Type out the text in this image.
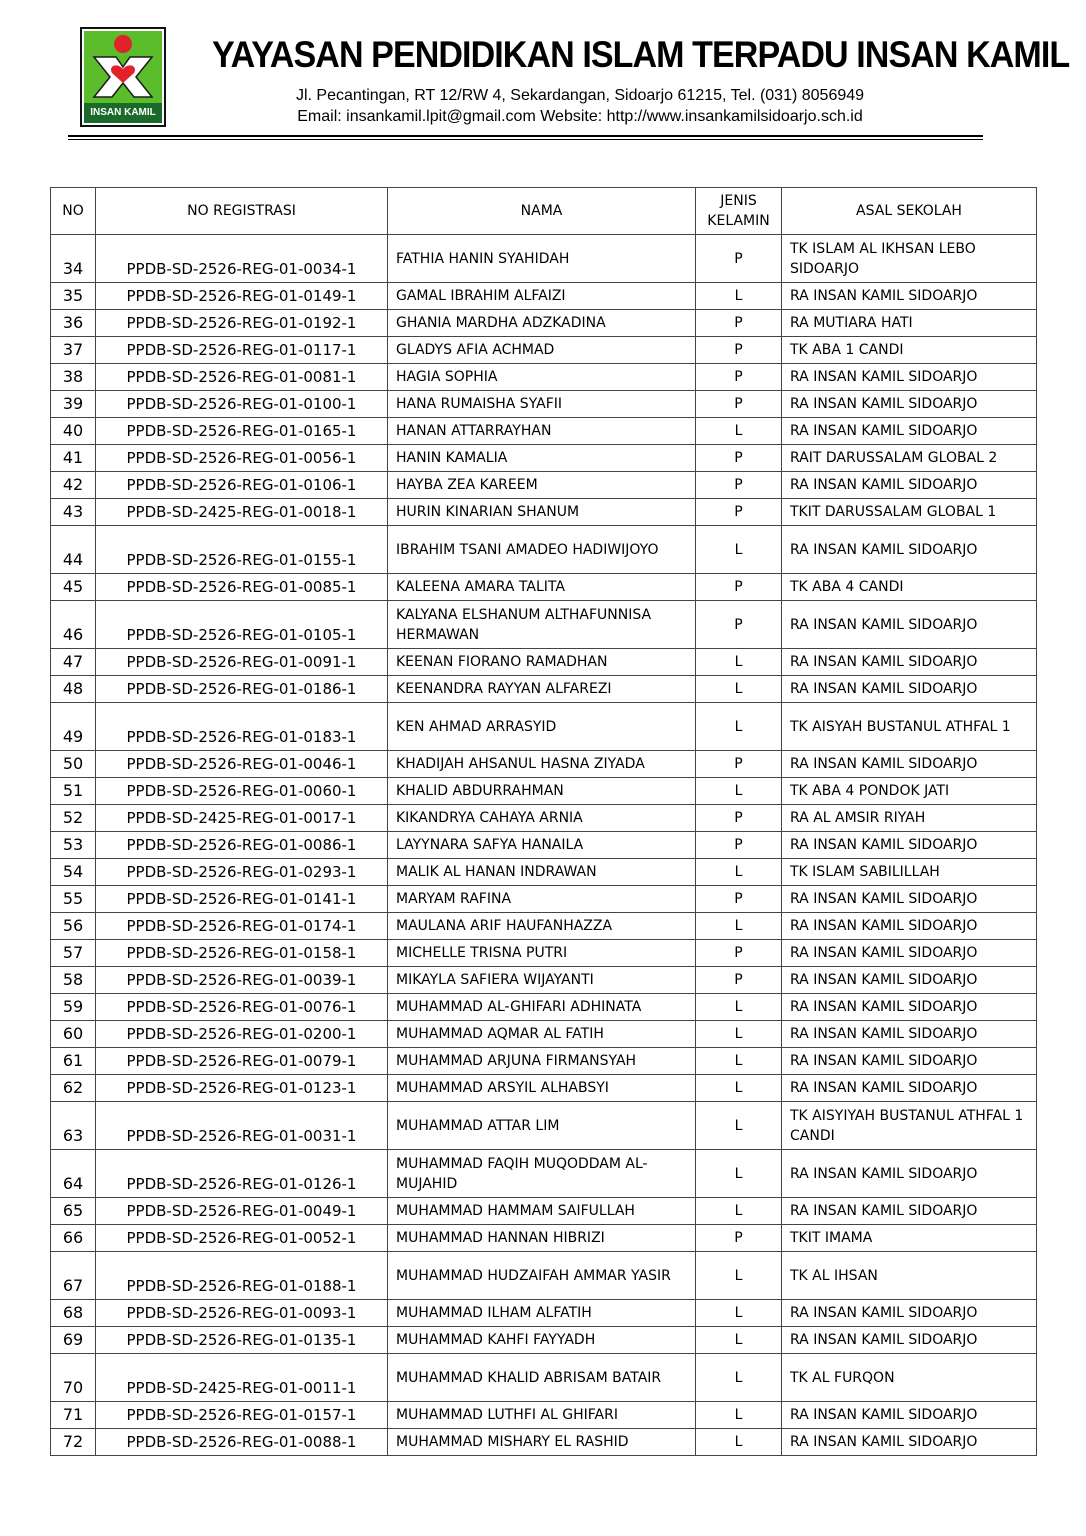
INSAN KAMIL
YAYASAN PENDIDIKAN ISLAM TERPADU INSAN KAMIL
Jl. Pecantingan, RT 12/RW 4, Sekardangan, Sidoarjo 61215, Tel. (031) 8056949
Email: insankamil.lpit@gmail.com Website: http://www.insankamilsidoarjo.sch.id
NO	NO REGISTRASI	NAMA	JENIS KELAMIN	ASAL SEKOLAH
34	PPDB-SD-2526-REG-01-0034-1	FATHIA HANIN SYAHIDAH	P	TK ISLAM AL IKHSAN LEBO SIDOARJO
35	PPDB-SD-2526-REG-01-0149-1	GAMAL IBRAHIM ALFAIZI	L	RA INSAN KAMIL SIDOARJO
36	PPDB-SD-2526-REG-01-0192-1	GHANIA MARDHA ADZKADINA	P	RA MUTIARA HATI
37	PPDB-SD-2526-REG-01-0117-1	GLADYS AFIA ACHMAD	P	TK ABA 1 CANDI
38	PPDB-SD-2526-REG-01-0081-1	HAGIA SOPHIA	P	RA INSAN KAMIL SIDOARJO
39	PPDB-SD-2526-REG-01-0100-1	HANA RUMAISHA SYAFII	P	RA INSAN KAMIL SIDOARJO
40	PPDB-SD-2526-REG-01-0165-1	HANAN ATTARRAYHAN	L	RA INSAN KAMIL SIDOARJO
41	PPDB-SD-2526-REG-01-0056-1	HANIN KAMALIA	P	RAIT DARUSSALAM GLOBAL 2
42	PPDB-SD-2526-REG-01-0106-1	HAYBA ZEA KAREEM	P	RA INSAN KAMIL SIDOARJO
43	PPDB-SD-2425-REG-01-0018-1	HURIN KINARIAN SHANUM	P	TKIT DARUSSALAM GLOBAL 1
44	PPDB-SD-2526-REG-01-0155-1	IBRAHIM TSANI AMADEO HADIWIJOYO	L	RA INSAN KAMIL SIDOARJO
45	PPDB-SD-2526-REG-01-0085-1	KALEENA AMARA TALITA	P	TK ABA 4 CANDI
46	PPDB-SD-2526-REG-01-0105-1	KALYANA ELSHANUM ALTHAFUNNISA HERMAWAN	P	RA INSAN KAMIL SIDOARJO
47	PPDB-SD-2526-REG-01-0091-1	KEENAN FIORANO RAMADHAN	L	RA INSAN KAMIL SIDOARJO
48	PPDB-SD-2526-REG-01-0186-1	KEENANDRA RAYYAN ALFAREZI	L	RA INSAN KAMIL SIDOARJO
49	PPDB-SD-2526-REG-01-0183-1	KEN AHMAD ARRASYID	L	TK AISYAH BUSTANUL ATHFAL 1
50	PPDB-SD-2526-REG-01-0046-1	KHADIJAH AHSANUL HASNA ZIYADA	P	RA INSAN KAMIL SIDOARJO
51	PPDB-SD-2526-REG-01-0060-1	KHALID ABDURRAHMAN	L	TK ABA 4 PONDOK JATI
52	PPDB-SD-2425-REG-01-0017-1	KIKANDRYA CAHAYA ARNIA	P	RA AL AMSIR RIYAH
53	PPDB-SD-2526-REG-01-0086-1	LAYYNARA SAFYA HANAILA	P	RA INSAN KAMIL SIDOARJO
54	PPDB-SD-2526-REG-01-0293-1	MALIK AL HANAN INDRAWAN	L	TK ISLAM SABILILLAH
55	PPDB-SD-2526-REG-01-0141-1	MARYAM RAFINA	P	RA INSAN KAMIL SIDOARJO
56	PPDB-SD-2526-REG-01-0174-1	MAULANA ARIF HAUFANHAZZA	L	RA INSAN KAMIL SIDOARJO
57	PPDB-SD-2526-REG-01-0158-1	MICHELLE TRISNA PUTRI	P	RA INSAN KAMIL SIDOARJO
58	PPDB-SD-2526-REG-01-0039-1	MIKAYLA SAFIERA WIJAYANTI	P	RA INSAN KAMIL SIDOARJO
59	PPDB-SD-2526-REG-01-0076-1	MUHAMMAD AL-GHIFARI ADHINATA	L	RA INSAN KAMIL SIDOARJO
60	PPDB-SD-2526-REG-01-0200-1	MUHAMMAD AQMAR AL FATIH	L	RA INSAN KAMIL SIDOARJO
61	PPDB-SD-2526-REG-01-0079-1	MUHAMMAD ARJUNA FIRMANSYAH	L	RA INSAN KAMIL SIDOARJO
62	PPDB-SD-2526-REG-01-0123-1	MUHAMMAD ARSYIL ALHABSYI	L	RA INSAN KAMIL SIDOARJO
63	PPDB-SD-2526-REG-01-0031-1	MUHAMMAD ATTAR LIM	L	TK AISYIYAH BUSTANUL ATHFAL 1 CANDI
64	PPDB-SD-2526-REG-01-0126-1	MUHAMMAD FAQIH MUQODDAM AL-MUJAHID	L	RA INSAN KAMIL SIDOARJO
65	PPDB-SD-2526-REG-01-0049-1	MUHAMMAD HAMMAM SAIFULLAH	L	RA INSAN KAMIL SIDOARJO
66	PPDB-SD-2526-REG-01-0052-1	MUHAMMAD HANNAN HIBRIZI	P	TKIT IMAMA
67	PPDB-SD-2526-REG-01-0188-1	MUHAMMAD HUDZAIFAH AMMAR YASIR	L	TK AL IHSAN
68	PPDB-SD-2526-REG-01-0093-1	MUHAMMAD ILHAM ALFATIH	L	RA INSAN KAMIL SIDOARJO
69	PPDB-SD-2526-REG-01-0135-1	MUHAMMAD KAHFI FAYYADH	L	RA INSAN KAMIL SIDOARJO
70	PPDB-SD-2425-REG-01-0011-1	MUHAMMAD KHALID ABRISAM BATAIR	L	TK AL FURQON
71	PPDB-SD-2526-REG-01-0157-1	MUHAMMAD LUTHFI AL GHIFARI	L	RA INSAN KAMIL SIDOARJO
72	PPDB-SD-2526-REG-01-0088-1	MUHAMMAD MISHARY EL RASHID	L	RA INSAN KAMIL SIDOARJO
